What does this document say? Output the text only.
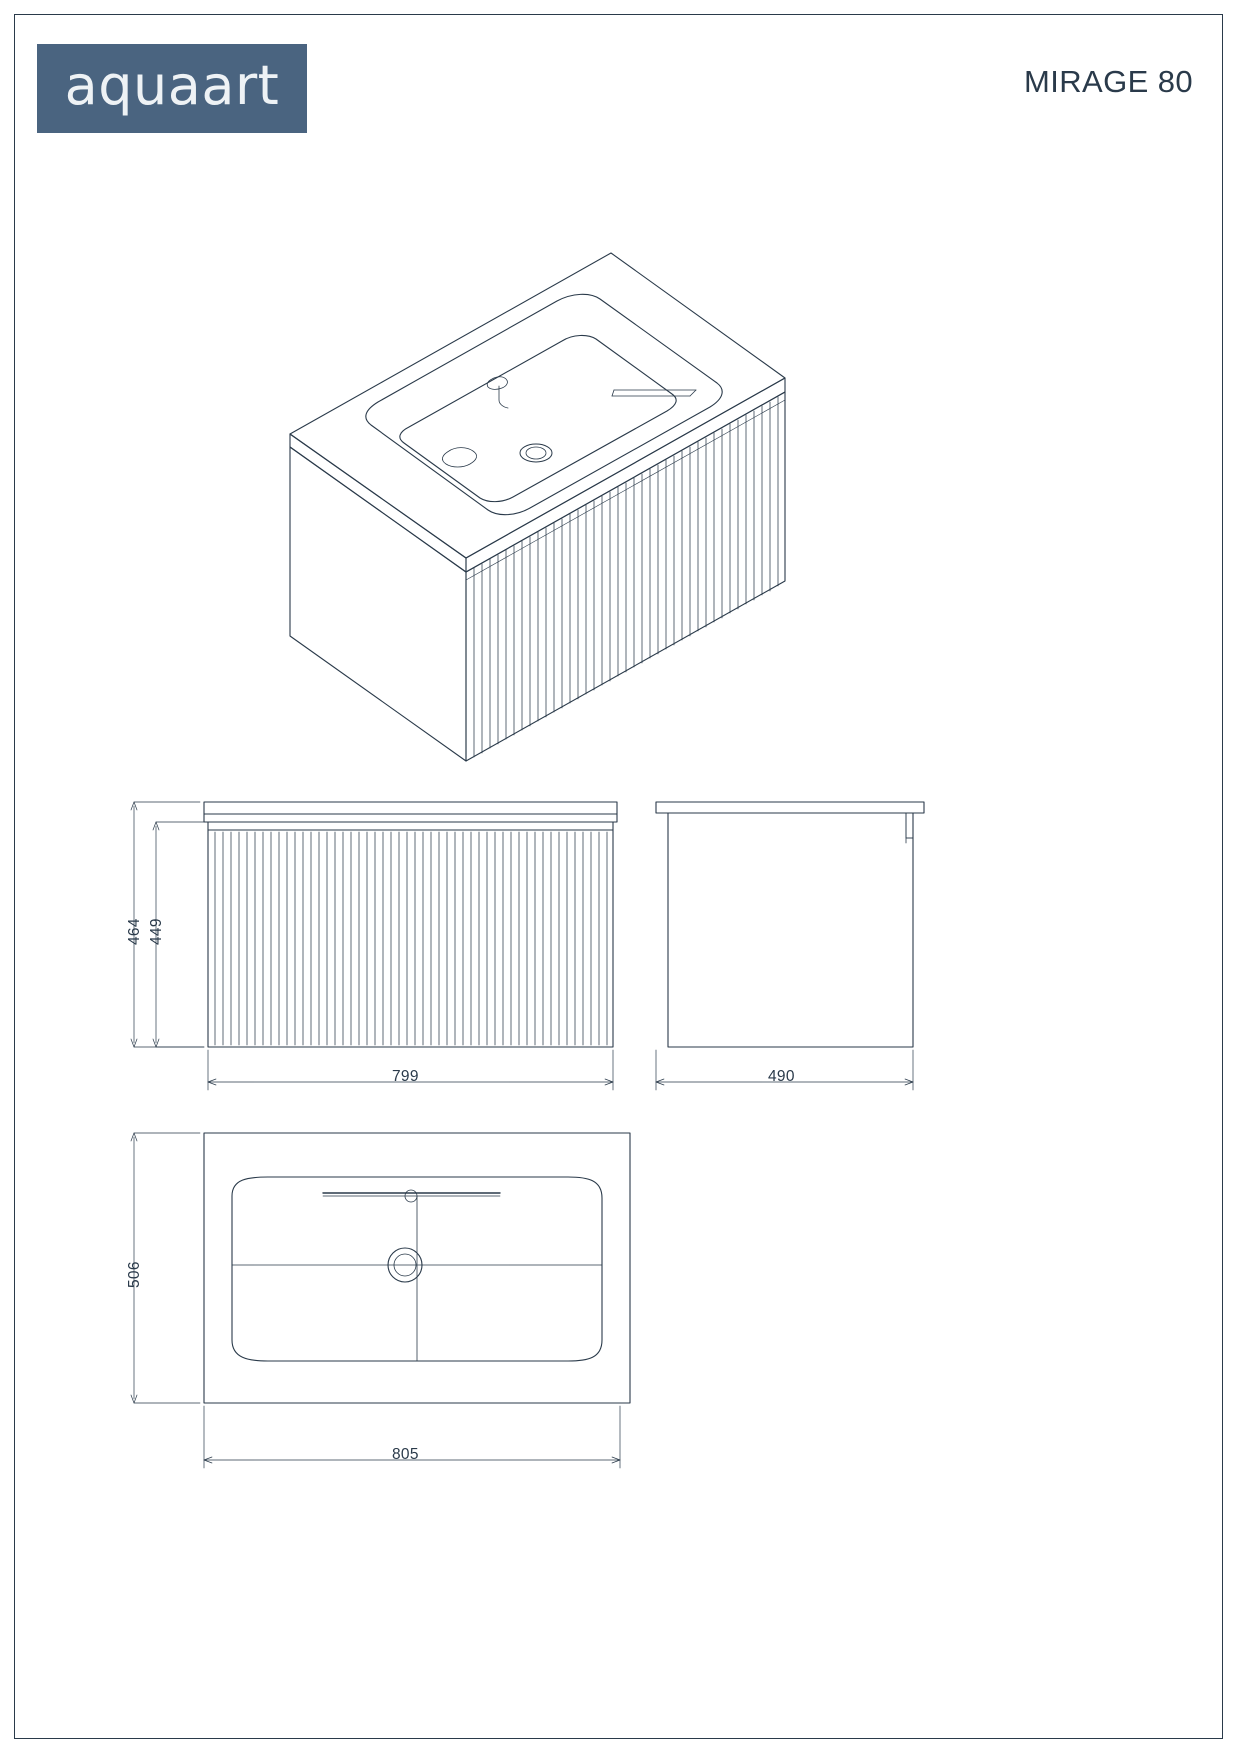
aquaart	MIRAGE 80
464 449
799	490
506
805
